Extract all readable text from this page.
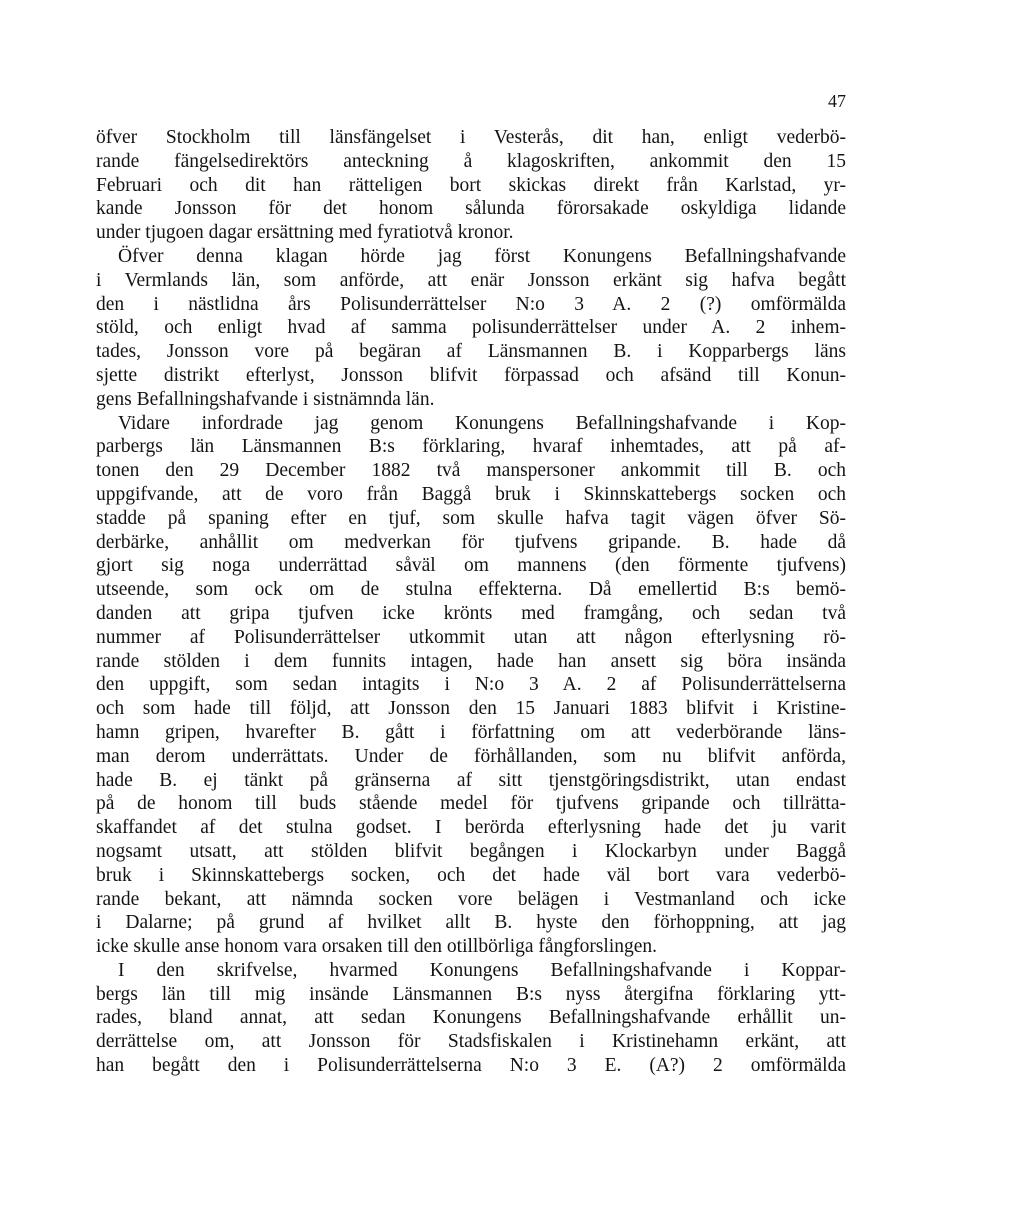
47
öfver Stockholm till länsfängelset i Vesterås, dit han, enligt vederbö-
rande fängelsedirektörs anteckning å klagoskriften, ankommit den 15
Februari och dit han rätteligen bort skickas direkt från Karlstad, yr-
kande Jonsson för det honom sålunda förorsakade oskyldiga lidande
under tjugoen dagar ersättning med fyratiotvå kronor.
Öfver denna klagan hörde jag först Konungens Befallningshafvande
i Vermlands län, som anförde, att enär Jonsson erkänt sig hafva begått
den i nästlidna års Polisunderrättelser N:o 3 A. 2 (?) omförmälda
stöld, och enligt hvad af samma polisunderrättelser under A. 2 inhem-
tades, Jonsson vore på begäran af Länsmannen B. i Kopparbergs läns
sjette distrikt efterlyst, Jonsson blifvit förpassad och afsänd till Konun-
gens Befallningshafvande i sistnämnda län.
Vidare infordrade jag genom Konungens Befallningshafvande i Kop-
parbergs län Länsmannen B:s förklaring, hvaraf inhemtades, att på af-
tonen den 29 December 1882 två manspersoner ankommit till B. och
uppgifvande, att de voro från Baggå bruk i Skinnskattebergs socken och
stadde på spaning efter en tjuf, som skulle hafva tagit vägen öfver Sö-
derbärke, anhållit om medverkan för tjufvens gripande. B. hade då
gjort sig noga underrättad såväl om mannens (den förmente tjufvens)
utseende, som ock om de stulna effekterna. Då emellertid B:s bemö-
danden att gripa tjufven icke krönts med framgång, och sedan två
nummer af Polisunderrättelser utkommit utan att någon efterlysning rö-
rande stölden i dem funnits intagen, hade han ansett sig böra insända
den uppgift, som sedan intagits i N:o 3 A. 2 af Polisunderrättelserna
och som hade till följd, att Jonsson den 15 Januari 1883 blifvit i Kristine-
hamn gripen, hvarefter B. gått i författning om att vederbörande läns-
man derom underrättats. Under de förhållanden, som nu blifvit anförda,
hade B. ej tänkt på gränserna af sitt tjenstgöringsdistrikt, utan endast
på de honom till buds stående medel för tjufvens gripande och tillrätta-
skaffandet af det stulna godset. I berörda efterlysning hade det ju varit
nogsamt utsatt, att stölden blifvit begången i Klockarbyn under Baggå
bruk i Skinnskattebergs socken, och det hade väl bort vara vederbö-
rande bekant, att nämnda socken vore belägen i Vestmanland och icke
i Dalarne; på grund af hvilket allt B. hyste den förhoppning, att jag
icke skulle anse honom vara orsaken till den otillbörliga fångforslingen.
I den skrifvelse, hvarmed Konungens Befallningshafvande i Koppar-
bergs län till mig insände Länsmannen B:s nyss återgifna förklaring ytt-
rades, bland annat, att sedan Konungens Befallningshafvande erhållit un-
derrättelse om, att Jonsson för Stadsfiskalen i Kristinehamn erkänt, att
han begått den i Polisunderrättelserna N:o 3 E. (A?) 2 omförmälda
